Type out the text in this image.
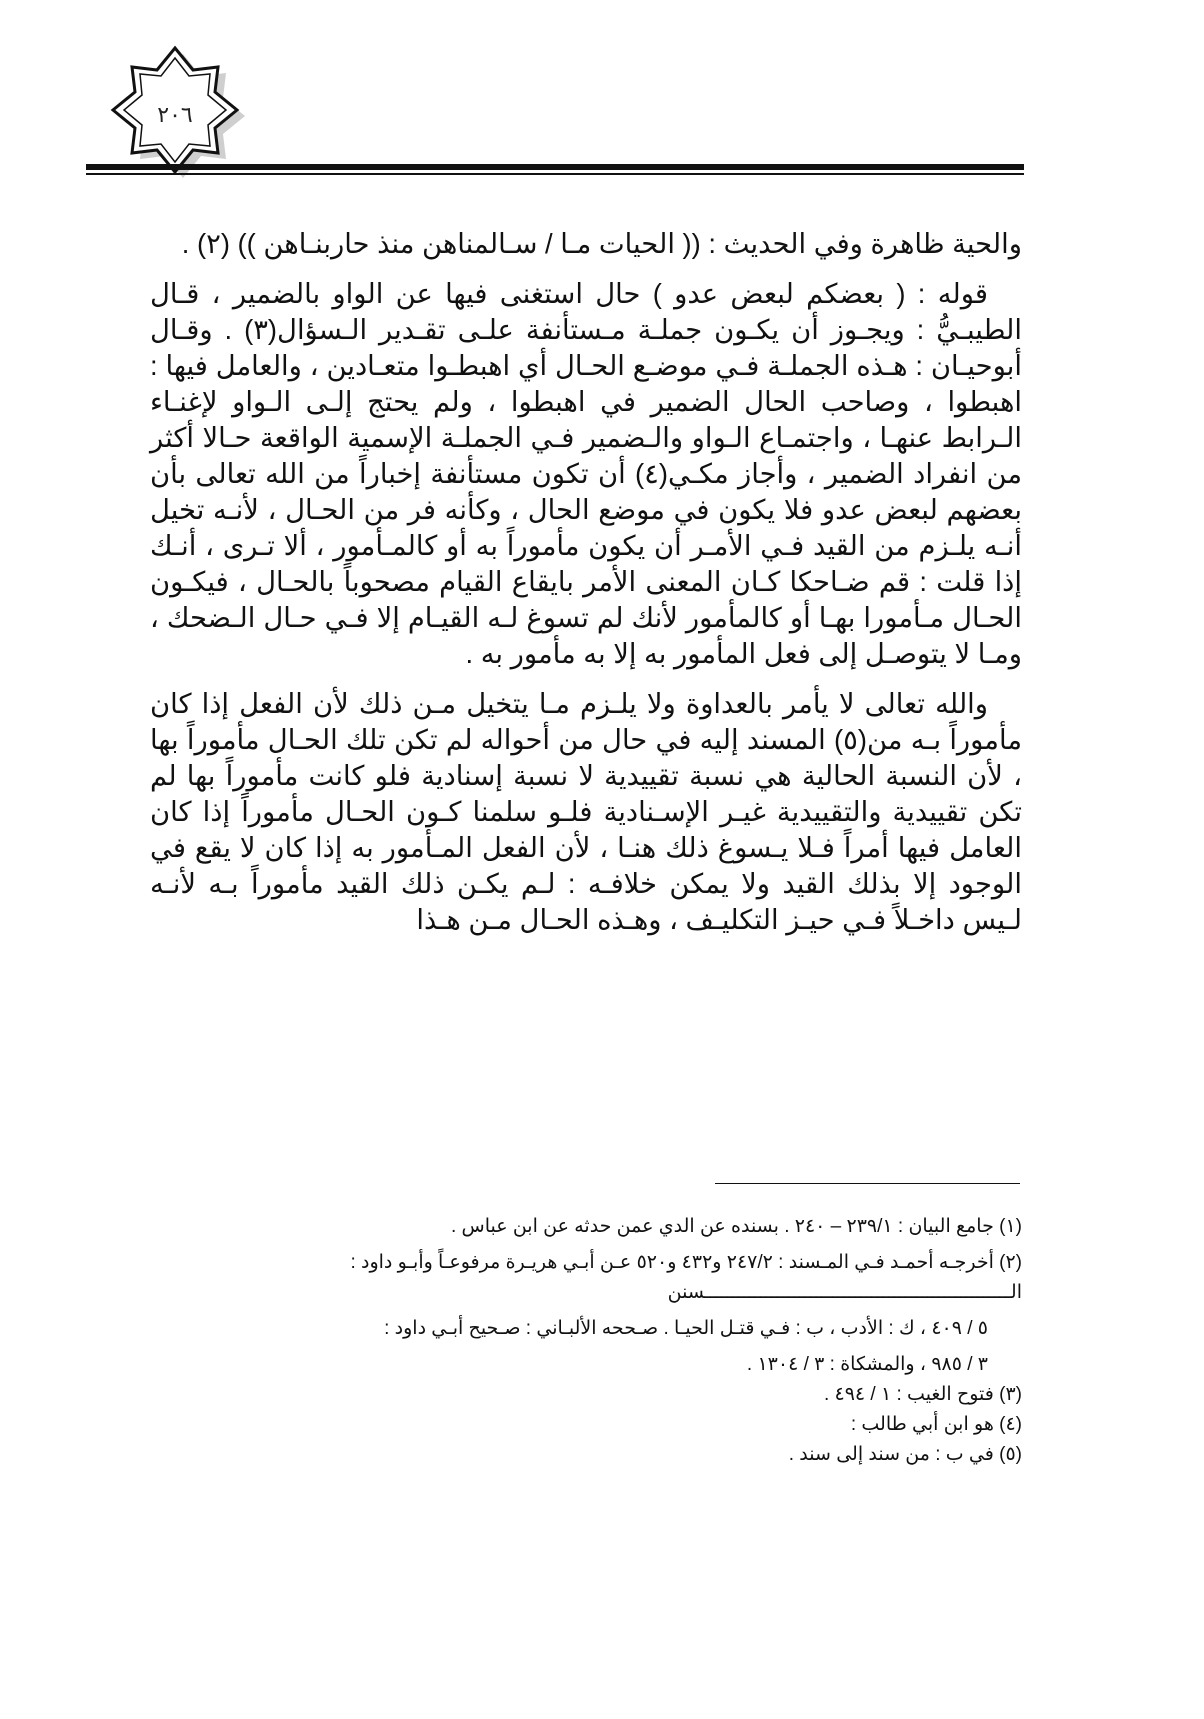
٢٠٦

والحية ظاهرة وفي الحديث : (( الحيات مـا / سـالمناهن منذ حاربنـاهن )) (٢) .

قوله : ( بعضكم لبعض عدو ) حال استغنى فيها عن الواو بالضمير ، قـال الطيبـيُّ : ويجـوز أن يكـون جملـة مـستأنفة علـى تقـدير الـسؤال(٣) . وقـال أبوحيـان : هـذه الجملـة فـي موضـع الحـال أي اهبطـوا متعـادين ، والعامل فيها : اهبطوا ، وصاحب الحال الضمير في اهبطوا ، ولم يحتج إلـى الـواو لإغنـاء الـرابط عنهـا ، واجتمـاع الـواو والـضمير فـي الجملـة الإسمية الواقعة حـالا أكثر من انفراد الضمير ، وأجاز مكـي(٤) أن تكون مستأنفة إخباراً من الله تعالى بأن بعضهم لبعض عدو فلا يكون في موضع الحال ، وكأنه فر من الحـال ، لأنـه تخيل أنـه يلـزم من القيد فـي الأمـر أن يكون مأموراً به أو كالمـأمور ، ألا تـرى ، أنـك إذا قلت : قم ضـاحكا كـان المعنى الأمر بايقاع القيام مصحوباً بالحـال ، فيكـون الحـال مـأمورا بهـا أو كالمأمور لأنك لم تسوغ لـه القيـام إلا فـي حـال الـضحك ، ومـا لا يتوصـل إلى فعل المأمور به إلا به مأمور به .

والله تعالى لا يأمر بالعداوة ولا يلـزم مـا يتخيل مـن ذلك لأن الفعل إذا كان مأموراً بـه من(٥) المسند إليه في حال من أحواله لم تكن تلك الحـال مأموراً بها ، لأن النسبة الحالية هي نسبة تقييدية لا نسبة إسنادية فلو كانت مأموراً بها لم تكن تقييدية والتقييدية غيـر الإسـنادية فلـو سلمنا كـون الحـال مأموراً إذا كان العامل فيها أمراً فـلا يـسوغ ذلك هنـا ، لأن الفعل المـأمور به إذا كان لا يقع في الوجود إلا بذلك القيد ولا يمكن خلافـه : لـم يكـن ذلك القيد مأموراً بـه لأنـه لـيس داخـلاً فـي حيـز التكليـف ، وهـذه الحـال مـن هـذا

(١) جامع البيان : ٢٣٩/١ – ٢٤٠ . بسنده عن الدي عمن حدثه عن ابن عباس .

(٢) أخرجـه أحمـد فـي المـسند : ٢٤٧/٢ و٤٣٢ و٥٢٠ عـن أبـي هريـرة مرفوعـاً وأبـو داود : الـــــــــــــــــــــــــــــــــــــــــــــــــــــــسنن

٥ / ٤٠٩ ، ك : الأدب ، ب : فـي قتـل الحيـا . صـححه الألبـاني : صـحيح أبـي داود :

٣ / ٩٨٥ ، والمشكاة : ٣ / ١٣٠٤ .

(٣) فتوح الغيب : ١ / ٤٩٤ .

(٤) هو ابن أبي طالب :

(٥) في ب : من سند إلى سند .
